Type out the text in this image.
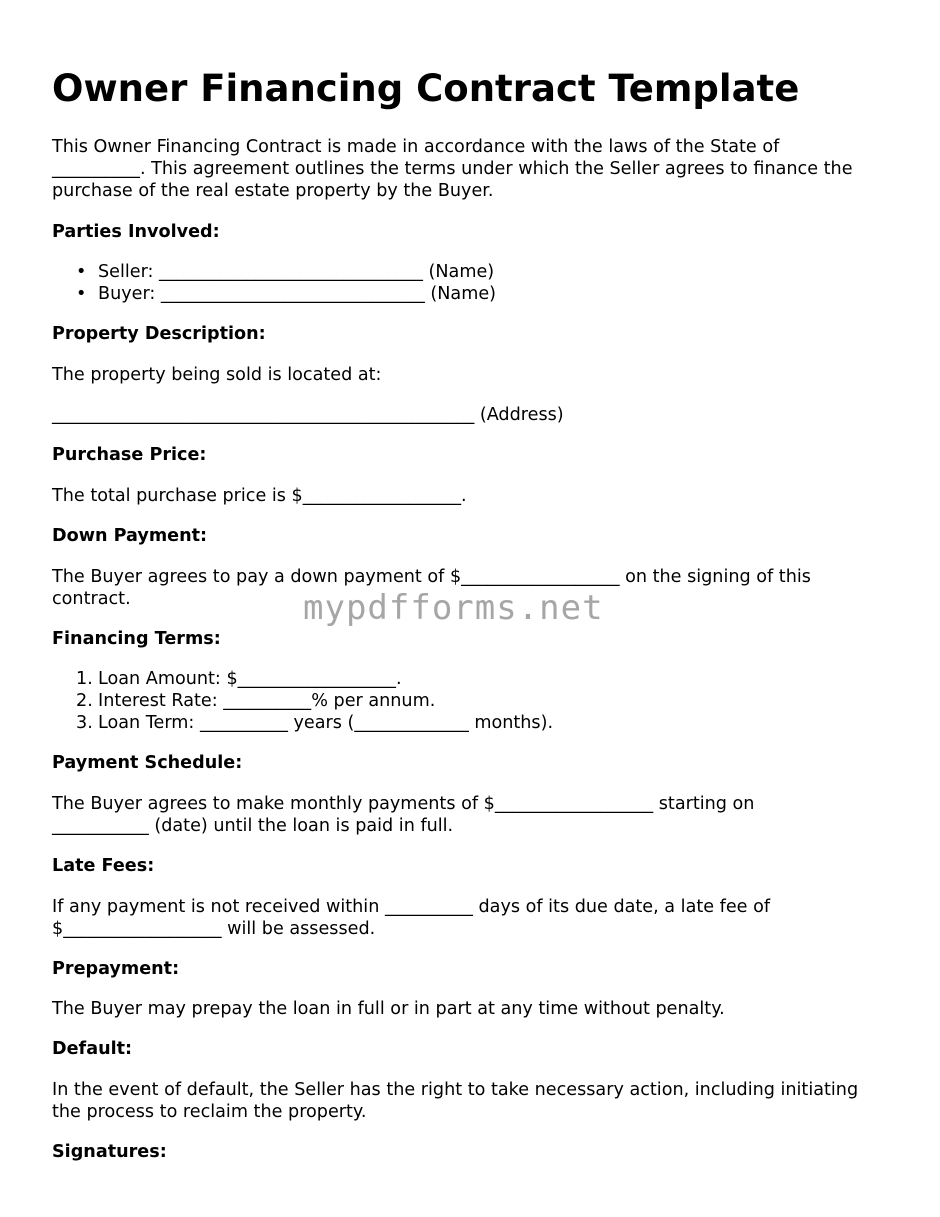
Owner Financing Contract Template

This Owner Financing Contract is made in accordance with the laws of the State of

__________. This agreement outlines the terms under which the Seller agrees to finance the

purchase of the real estate property by the Buyer.

Parties Involved:

• Seller: ______________________________ (Name)
• Buyer: ______________________________ (Name)

Property Description:

The property being sold is located at:

________________________________________________ (Address)

Purchase Price:

The total purchase price is $__________________.

Down Payment:

The Buyer agrees to pay a down payment of $__________________ on the signing of this

contract.

Financing Terms:

1. Loan Amount: $__________________.
2. Interest Rate: __________% per annum.
3. Loan Term: __________ years (_____________ months).

Payment Schedule:

The Buyer agrees to make monthly payments of $__________________ starting on

___________ (date) until the loan is paid in full.

Late Fees:

If any payment is not received within __________ days of its due date, a late fee of

$__________________ will be assessed.

Prepayment:

The Buyer may prepay the loan in full or in part at any time without penalty.

Default:

In the event of default, the Seller has the right to take necessary action, including initiating

the process to reclaim the property.

Signatures:

mypdfforms.net
